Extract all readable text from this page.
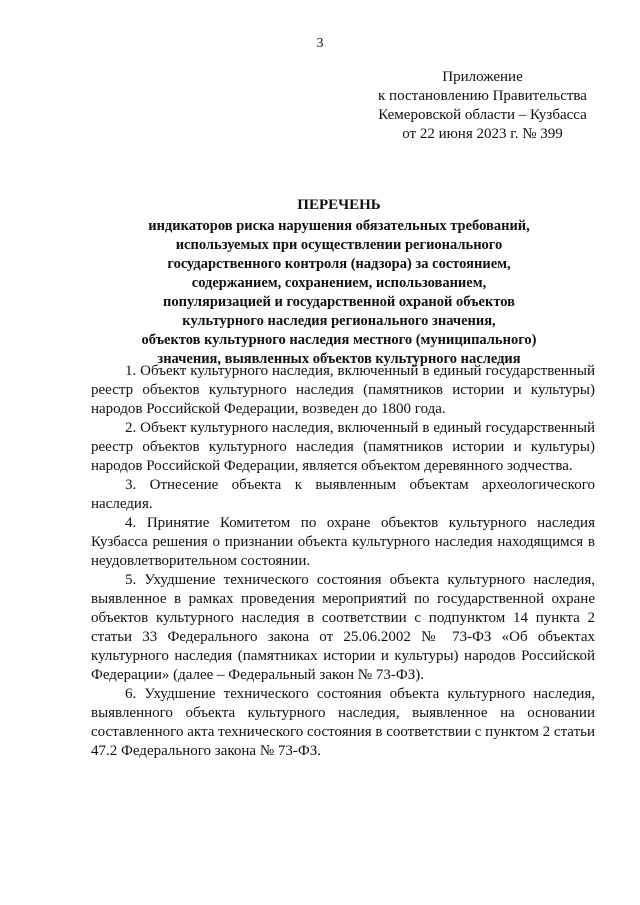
3
Приложение
к постановлению Правительства
Кемеровской области – Кузбасса
от 22 июня 2023 г. № 399
ПЕРЕЧЕНЬ
индикаторов риска нарушения обязательных требований,
используемых при осуществлении регионального
государственного контроля (надзора) за состоянием,
содержанием, сохранением, использованием,
популяризацией и государственной охраной объектов
культурного наследия регионального значения,
объектов культурного наследия местного (муниципального)
значения, выявленных объектов культурного наследия

1. Объект культурного наследия, включенный в единый государственный реестр объектов культурного наследия (памятников истории и культуры) народов Российской Федерации, возведен до 1800 года.

2. Объект культурного наследия, включенный в единый государственный реестр объектов культурного наследия (памятников истории и культуры) народов Российской Федерации, является объектом деревянного зодчества.

3. Отнесение объекта к выявленным объектам археологического наследия.

4. Принятие Комитетом по охране объектов культурного наследия Кузбасса решения о признании объекта культурного наследия находящимся в неудовлетворительном состоянии.

5. Ухудшение технического состояния объекта культурного наследия, выявленное в рамках проведения мероприятий по государственной охране объектов культурного наследия в соответствии с подпунктом 14 пункта 2 статьи 33 Федерального закона от 25.06.2002 № 73-ФЗ «Об объектах культурного наследия (памятниках истории и культуры) народов Российской Федерации» (далее – Федеральный закон № 73-ФЗ).

6. Ухудшение технического состояния объекта культурного наследия, выявленного объекта культурного наследия, выявленное на основании составленного акта технического состояния в соответствии с пунктом 2 статьи 47.2 Федерального закона № 73-ФЗ.
